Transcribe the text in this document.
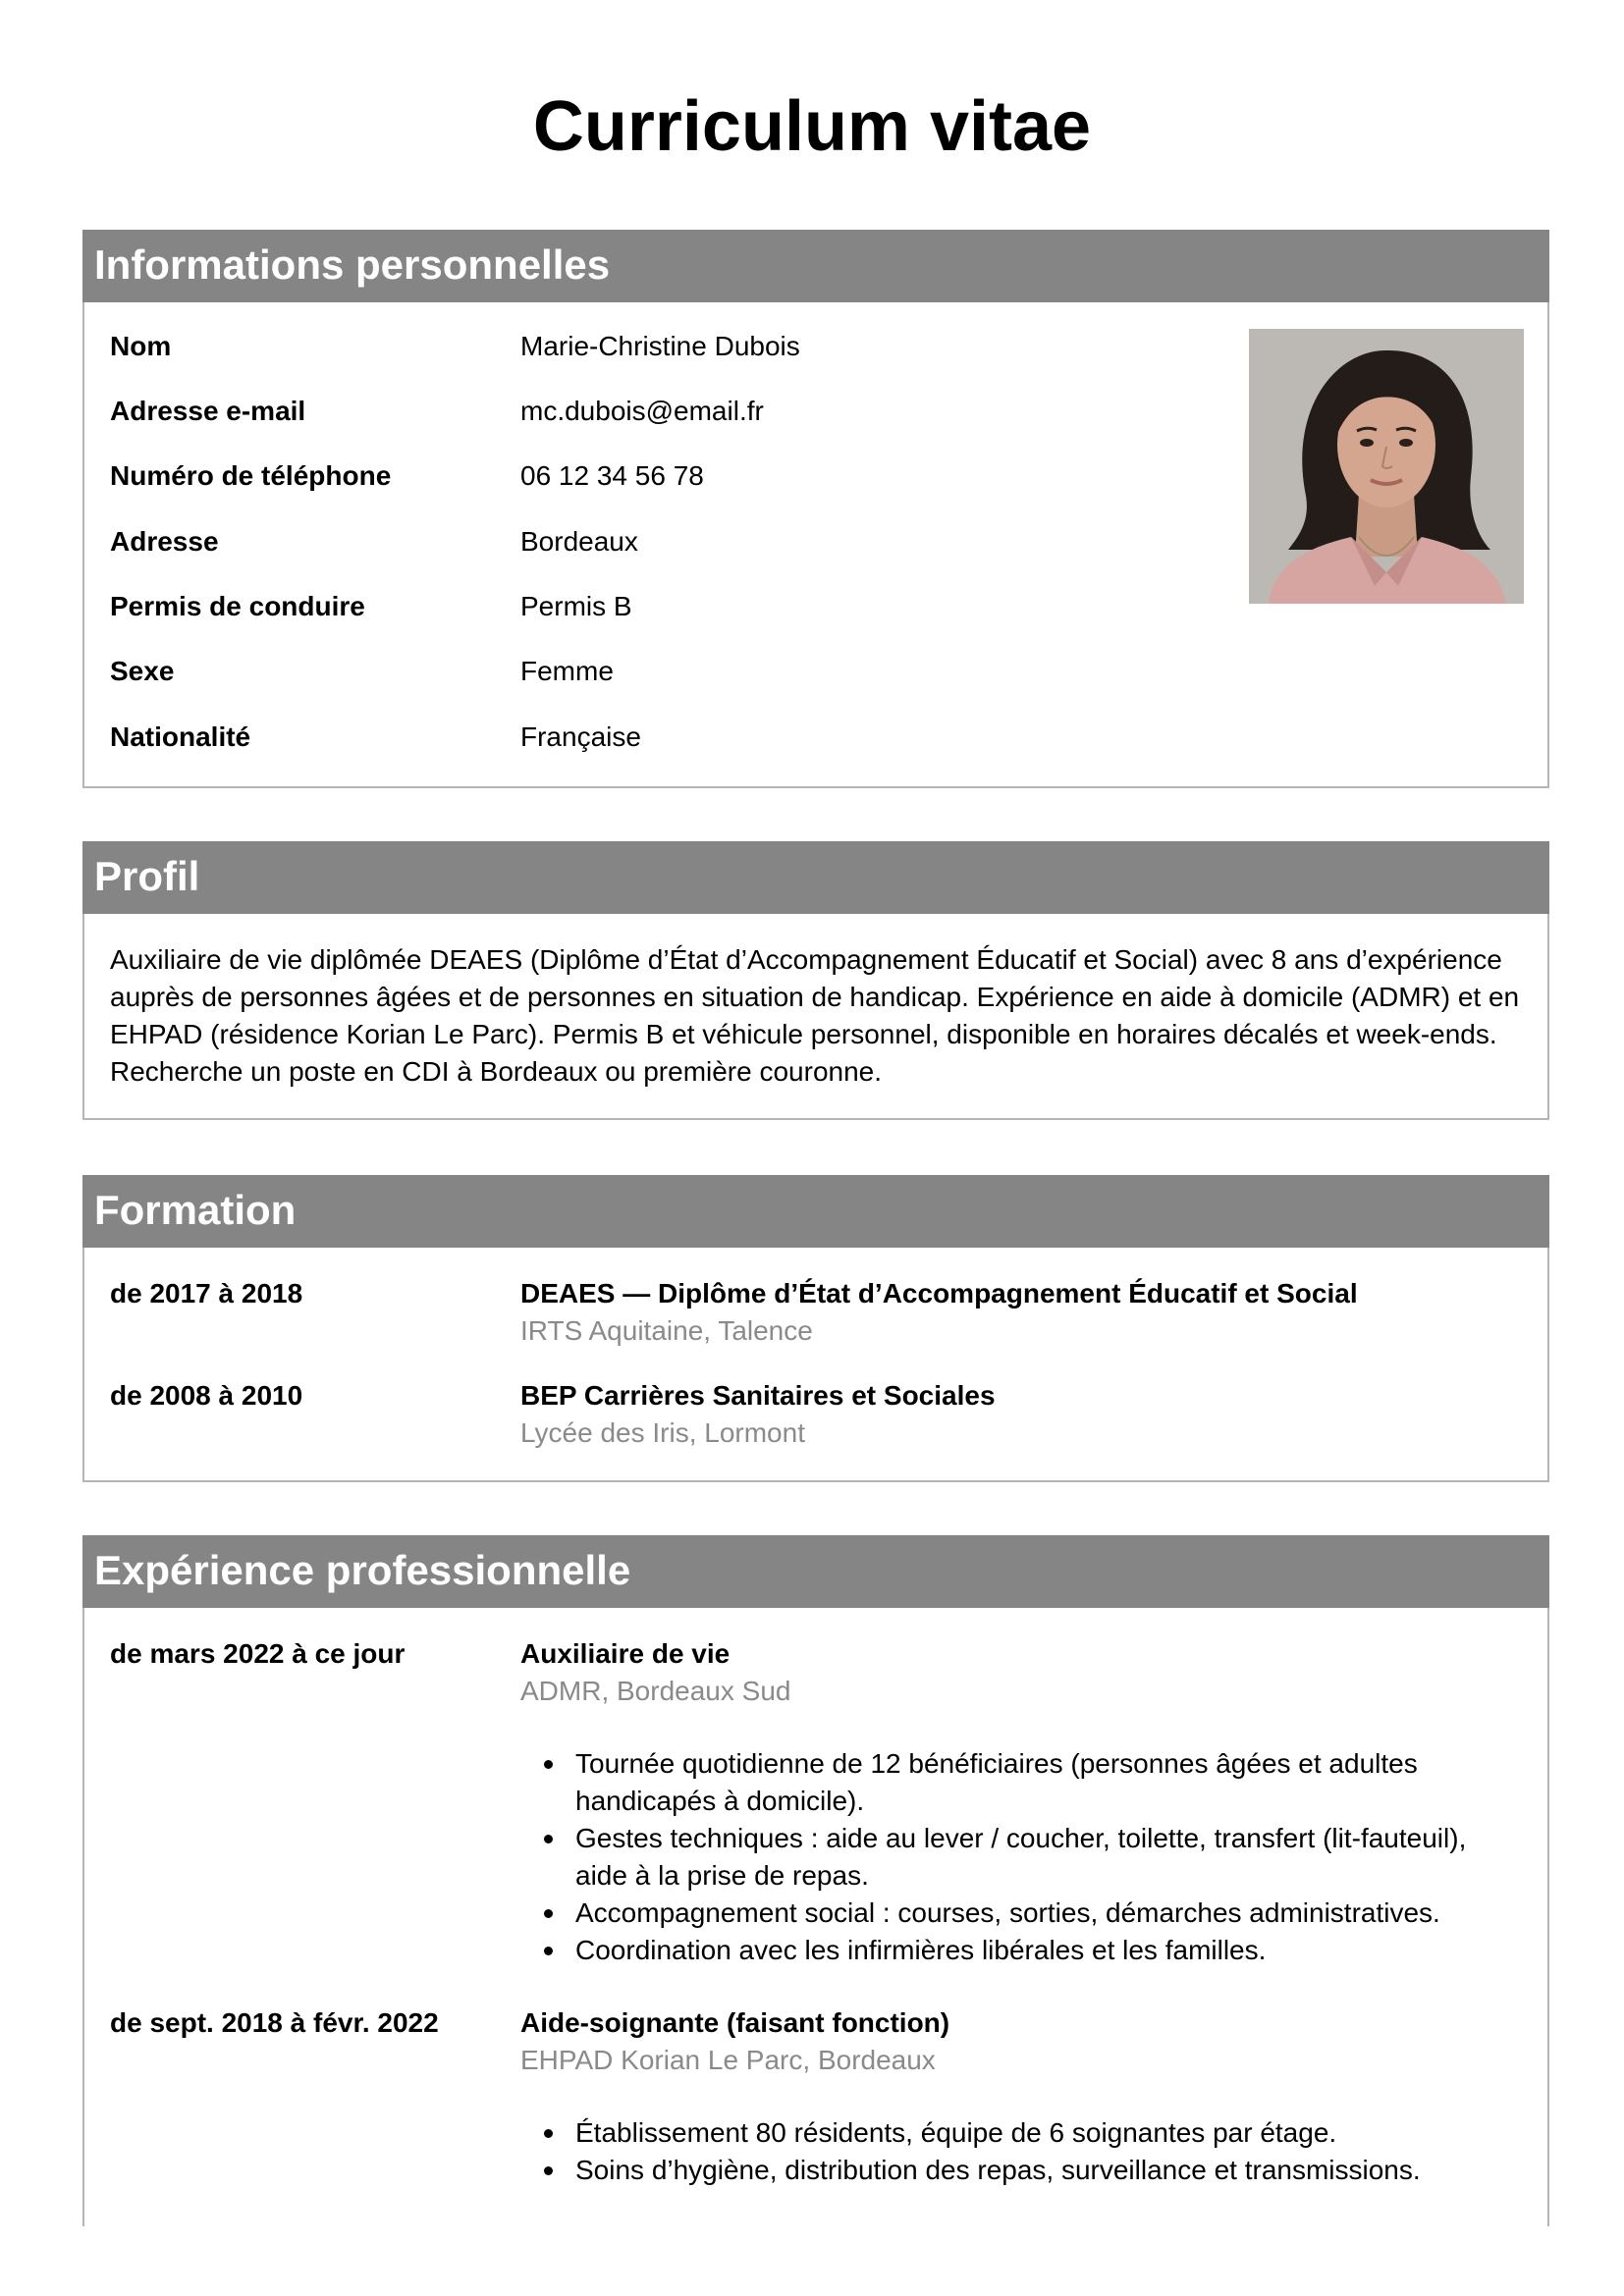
Curriculum vitae
Informations personnelles
Nom	Marie-Christine Dubois
Adresse e-mail	mc.dubois@email.fr
Numéro de téléphone	06 12 34 56 78
Adresse	Bordeaux
Permis de conduire	Permis B
Sexe	Femme
Nationalité	Française
Profil

Auxiliaire de vie diplômée DEAES (Diplôme d’État d’Accompagnement Éducatif et Social) avec 8 ans d’expérience auprès de personnes âgées et de personnes en situation de handicap. Expérience en aide à domicile (ADMR) et en EHPAD (résidence Korian Le Parc). Permis B et véhicule personnel, disponible en horaires décalés et week-ends. Recherche un poste en CDI à Bordeaux ou première couronne.

Formation
de 2017 à 2018	DEAES — Diplôme d’État d’Accompagnement Éducatif et Social
IRTS Aquitaine, Talence
de 2008 à 2010	BEP Carrières Sanitaires et Sociales
Lycée des Iris, Lormont
Expérience professionnelle
de mars 2022 à ce jour	Auxiliaire de vie
ADMR, Bordeaux Sud
Tournée quotidienne de 12 bénéficiaires (personnes âgées et adultes handicapés à domicile).
Gestes techniques : aide au lever / coucher, toilette, transfert (lit-fauteuil), aide à la prise de repas.
Accompagnement social : courses, sorties, démarches administratives.
Coordination avec les infirmières libérales et les familles.
de sept. 2018 à févr. 2022	Aide-soignante (faisant fonction)
EHPAD Korian Le Parc, Bordeaux
Établissement 80 résidents, équipe de 6 soignantes par étage.
Soins d’hygiène, distribution des repas, surveillance et transmissions.
